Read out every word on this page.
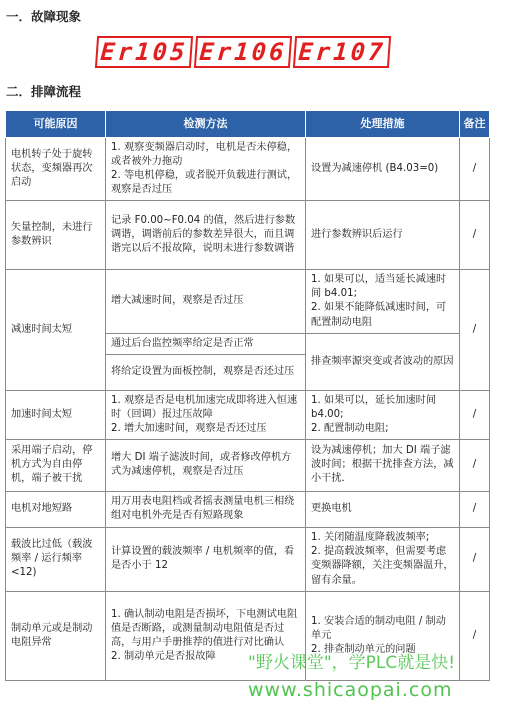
一．故障现象
Er105 Er106 Er107
二．排障流程
可能原因	检测方法	处理措施	备注
电机转子处于旋转状态，变频器再次启动	1. 观察变频器启动时，电机是否未停稳，或者被外力拖动
2. 等电机停稳，或者脱开负载进行测试，观察是否过压	设置为减速停机 (B4.03=0)	/
矢量控制，未进行参数辨识	记录 F0.00~F0.04 的值，然后进行参数调谐，调谐前后的参数差异很大，而且调谐完以后不报故障，说明未进行参数调谐	进行参数辨识后运行	/
减速时间太短	增大减速时间，观察是否过压	1. 如果可以，适当延长减速时间 b4.01;
2. 如果不能降低减速时间，可配置制动电阻	/
	通过后台监控频率给定是否正常	排查频率源突变或者波动的原因	
	将给定设置为面板控制，观察是否还过压		
加速时间太短	1. 观察是否是电机加速完成即将进入恒速时（回调）报过压故障
2. 增大加速时间，观察是否还过压	1. 如果可以，延长加速时间b4.00;
2. 配置制动电阻;	/
采用端子启动，停机方式为自由停机，端子被干扰	增大 DI 端子滤波时间，或者修改停机方式为减速停机，观察是否过压	设为减速停机；加大 DI 端子滤波时间；根据干扰排查方法，减小干扰．	/
电机对地短路	用万用表电阻档或者摇表测量电机三相绕组对电机外壳是否有短路现象	更换电机	/
载波比过低（载波频率 / 运行频率<12)	计算设置的载波频率 / 电机频率的值，看是否小于 12	1. 关闭随温度降载波频率;
2. 提高载波频率，但需要考虑变频器降额，关注变频器温升，留有余量。	/
制动单元或是制动电阻异常	1. 确认制动电阻是否损坏，下电测试电阻值是否断路，或测量制动电阻值是否过高，与用户手册推荐的值进行对比确认
2. 制动单元是否报故障	1. 安装合适的制动电阻 / 制动单元
2. 排查制动单元的问题	/
"野火课堂"，学PLC就是快!
www.shicaopai.com
